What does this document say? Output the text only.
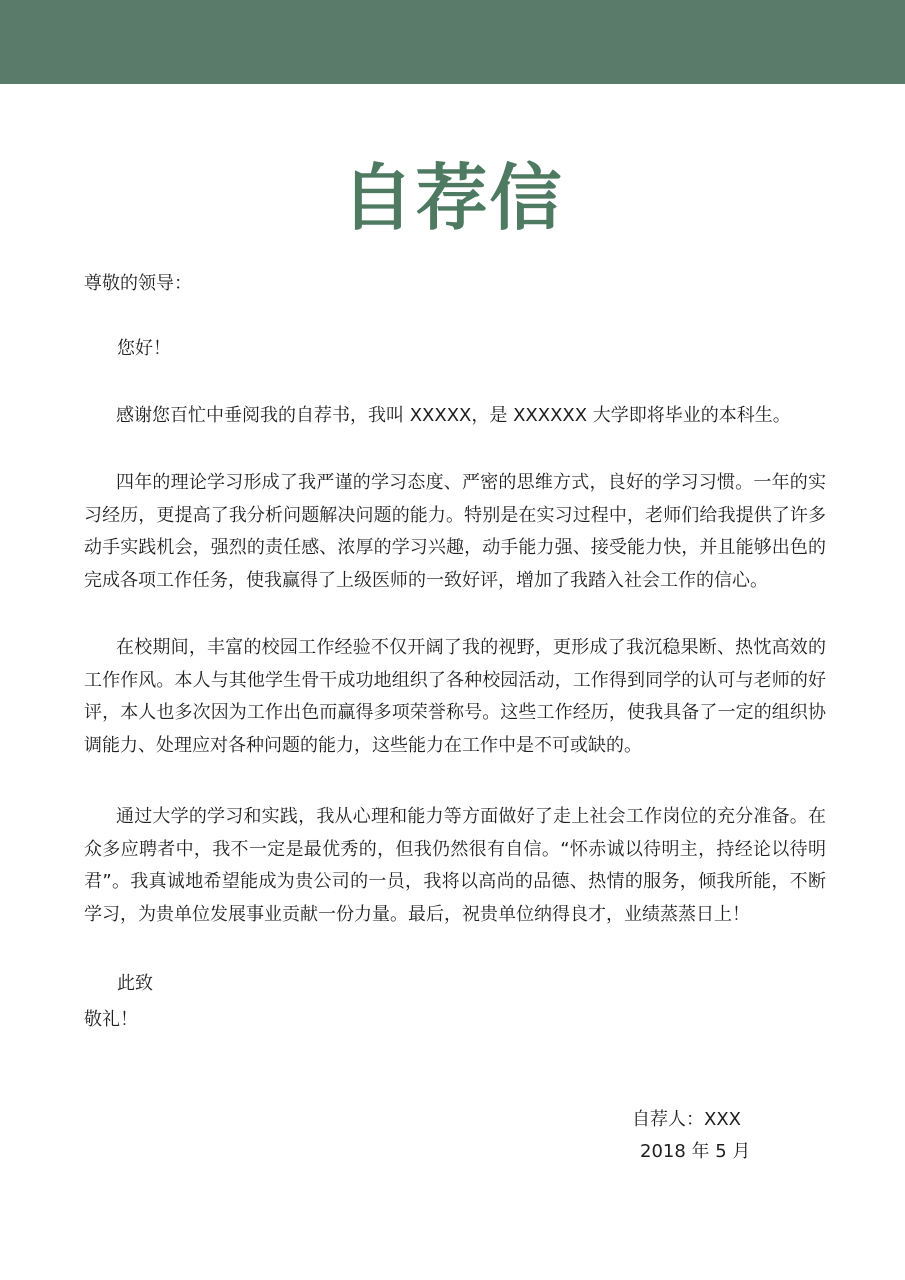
自荐信

尊敬的领导：

您好！

感谢您百忙中垂阅我的自荐书，我叫 XXXXX，是 XXXXXX 大学即将毕业的本科生。

四年的理论学习形成了我严谨的学习态度、严密的思维方式，良好的学习习惯。一年的实习经历，更提高了我分析问题解决问题的能力。特别是在实习过程中，老师们给我提供了许多动手实践机会，强烈的责任感、浓厚的学习兴趣，动手能力强、接受能力快，并且能够出色的完成各项工作任务，使我赢得了上级医师的一致好评，增加了我踏入社会工作的信心。

在校期间，丰富的校园工作经验不仅开阔了我的视野，更形成了我沉稳果断、热忱高效的工作作风。本人与其他学生骨干成功地组织了各种校园活动，工作得到同学的认可与老师的好评，本人也多次因为工作出色而赢得多项荣誉称号。这些工作经历，使我具备了一定的组织协调能力、处理应对各种问题的能力，这些能力在工作中是不可或缺的。

通过大学的学习和实践，我从心理和能力等方面做好了走上社会工作岗位的充分准备。在众多应聘者中，我不一定是最优秀的，但我仍然很有自信。“怀赤诚以待明主，持经论以待明君”。我真诚地希望能成为贵公司的一员，我将以高尚的品德、热情的服务，倾我所能，不断学习，为贵单位发展事业贡献一份力量。最后，祝贵单位纳得良才，业绩蒸蒸日上！

此致

敬礼！

自荐人：XXX

2018 年 5 月
